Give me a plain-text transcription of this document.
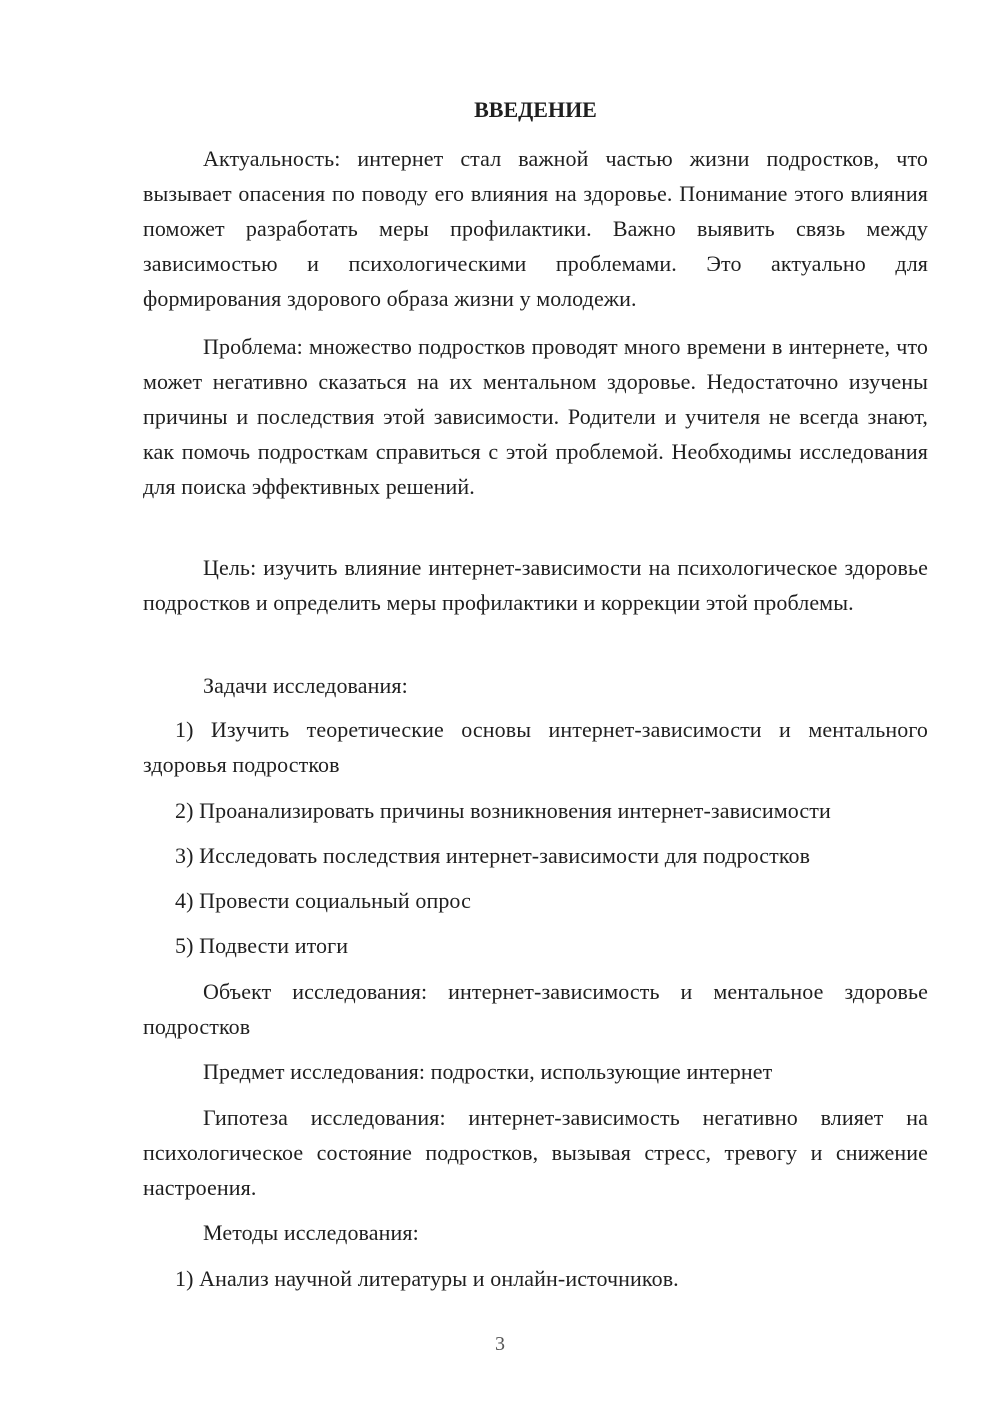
ВВЕДЕНИЕ
Актуальность: интернет стал важной частью жизни подростков, что вызывает опасения по поводу его влияния на здоровье. Понимание этого влияния поможет разработать меры профилактики. Важно выявить связь между зависимостью и психологическими проблемами. Это актуально для формирования здорового образа жизни у молодежи.
Проблема: множество подростков проводят много времени в интернете, что может негативно сказаться на их ментальном здоровье. Недостаточно изучены причины и последствия этой зависимости. Родители и учителя не всегда знают, как помочь подросткам справиться с этой проблемой. Необходимы исследования для поиска эффективных решений.
Цель: изучить влияние интернет-зависимости на психологическое здоровье подростков и определить меры профилактики и коррекции этой проблемы.
Задачи исследования:
1) Изучить теоретические основы интернет-зависимости и ментального здоровья подростков
2) Проанализировать причины возникновения интернет-зависимости
3) Исследовать последствия интернет-зависимости для подростков
4) Провести социальный опрос
5) Подвести итоги
Объект исследования: интернет-зависимость и ментальное здоровье подростков
Предмет исследования: подростки, использующие интернет
Гипотеза исследования: интернет-зависимость негативно влияет на психологическое состояние подростков, вызывая стресс, тревогу и снижение настроения.
Методы исследования:
1) Анализ научной литературы и онлайн-источников.
3
